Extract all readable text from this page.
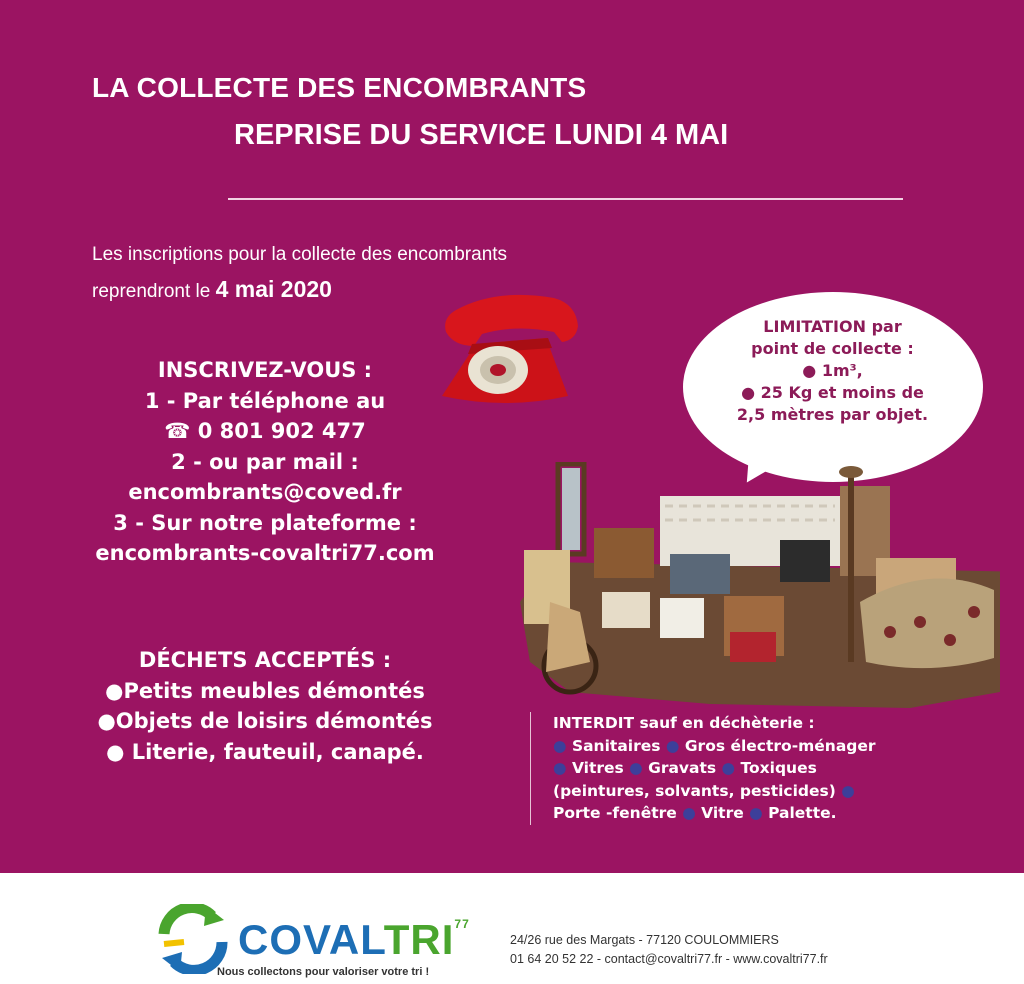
LA COLLECTE DES ENCOMBRANTS
REPRISE DU SERVICE LUNDI 4 MAI
Les inscriptions pour la collecte des encombrants
reprendront le 4 mai 2020
INSCRIVEZ-VOUS :
1 - Par téléphone au
☎ 0 801 902 477
2 - ou par mail :
encombrants@coved.fr
3 - Sur notre plateforme :
encombrants-covaltri77.com
DÉCHETS ACCEPTÉS :
●Petits meubles démontés
●Objets de loisirs démontés
● Literie, fauteuil, canapé.
LIMITATION par
point de collecte :
● 1m³,
● 25 Kg et moins de
2,5 mètres par objet.
INTERDIT sauf en déchèterie :
● Sanitaires ● Gros électro-ménager ● Vitres ● Gravats ● Toxiques (peintures, solvants, pesticides) ● Porte -fenêtre ● Vitre ● Palette.
COVALTRI$^{77}$
Nous collectons pour valoriser votre tri !
24/26 rue des Margats - 77120 COULOMMIERS
01 64 20 52 22 - contact@covaltri77.fr - www.covaltri77.fr
